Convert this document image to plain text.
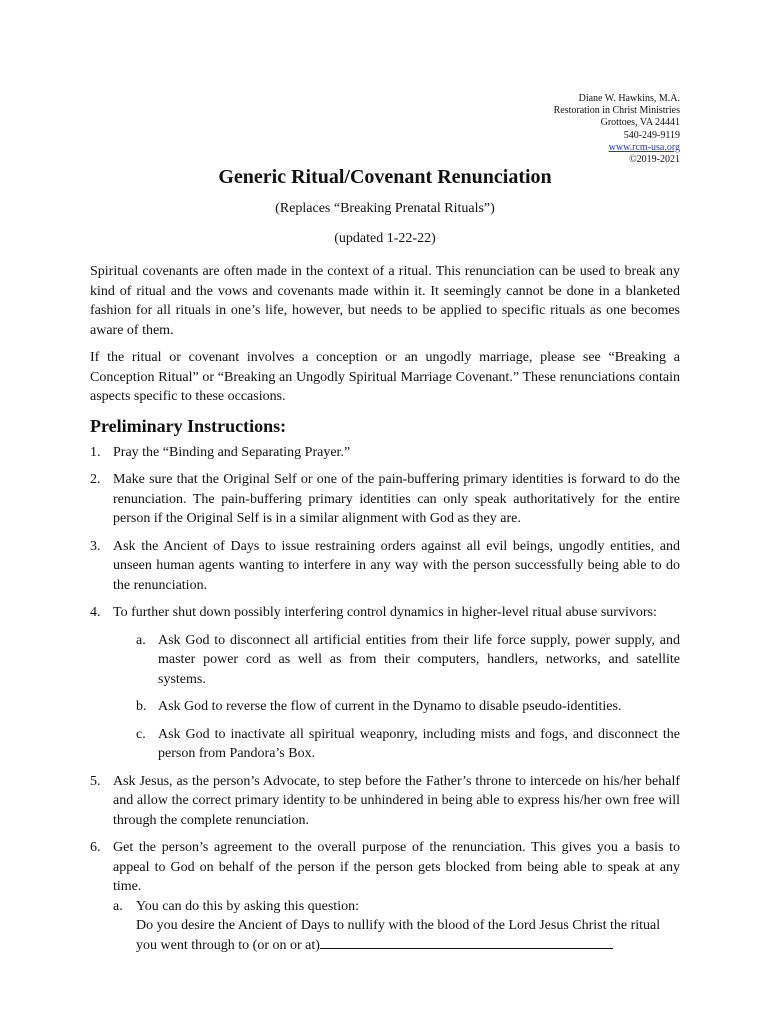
Diane W. Hawkins, M.A.
Restoration in Christ Ministries
Grottoes, VA 24441
540-249-9119
www.rcm-usa.org
©2019-2021
Generic Ritual/Covenant Renunciation
(Replaces “Breaking Prenatal Rituals”)
(updated 1-22-22)

Spiritual covenants are often made in the context of a ritual. This renunciation can be used to break any kind of ritual and the vows and covenants made within it. It seemingly cannot be done in a blanketed fashion for all rituals in one’s life, however, but needs to be applied to specific rituals as one becomes aware of them.

If the ritual or covenant involves a conception or an ungodly marriage, please see “Breaking a Conception Ritual” or “Breaking an Ungodly Spiritual Marriage Covenant.” These renunciations contain aspects specific to these occasions.

Preliminary Instructions:
1. Pray the “Binding and Separating Prayer.”
2. Make sure that the Original Self or one of the pain-buffering primary identities is forward to do the renunciation. The pain-buffering primary identities can only speak authoritatively for the entire person if the Original Self is in a similar alignment with God as they are.
3. Ask the Ancient of Days to issue restraining orders against all evil beings, ungodly entities, and unseen human agents wanting to interfere in any way with the person successfully being able to do the renunciation.
4. To further shut down possibly interfering control dynamics in higher-level ritual abuse survivors:
a. Ask God to disconnect all artificial entities from their life force supply, power supply, and master power cord as well as from their computers, handlers, networks, and satellite systems.
b. Ask God to reverse the flow of current in the Dynamo to disable pseudo-identities.
c. Ask God to inactivate all spiritual weaponry, including mists and fogs, and disconnect the person from Pandora’s Box.
5. Ask Jesus, as the person’s Advocate, to step before the Father’s throne to intercede on his/her behalf and allow the correct primary identity to be unhindered in being able to express his/her own free will through the complete renunciation.
6. Get the person’s agreement to the overall purpose of the renunciation. This gives you a basis to appeal to God on behalf of the person if the person gets blocked from being able to speak at any time.
a. You can do this by asking this question:
Do you desire the Ancient of Days to nullify with the blood of the Lord Jesus Christ the ritual you went through to (or on or at)
